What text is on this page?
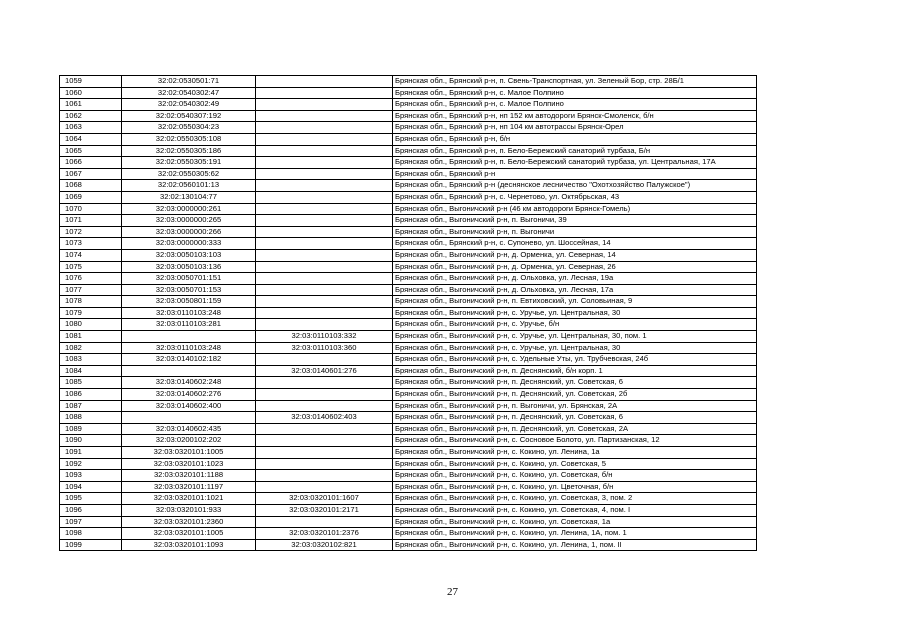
1059	32:02:0530501:71		Брянская обл., Брянский р-н, п. Свень-Транспортная, ул. Зеленый Бор, стр. 28Б/1
1060	32:02:0540302:47		Брянская обл., Брянский р-н, с. Малое Полпино
1061	32:02:0540302:49		Брянская обл., Брянский р-н, с. Малое Полпино
1062	32:02:0540307:192		Брянская обл., Брянский р-н, нп 152 км автодороги Брянск-Смоленск, б/н
1063	32:02:0550304:23		Брянская обл., Брянский р-н, нп 104 км автотрассы Брянск-Орел
1064	32:02:0550305:108		Брянская обл., Брянский р-н, б/н
1065	32:02:0550305:186		Брянская обл., Брянский р-н, п. Бело-Бережский санаторий турбаза, Б/н
1066	32:02:0550305:191		Брянская обл., Брянский р-н, п. Бело-Бережский санаторий турбаза, ул. Центральная, 17А
1067	32:02:0550305:62		Брянская обл., Брянский р-н
1068	32:02:0560101:13		Брянская обл., Брянский р-н (деснянское лесничество "Охотхозяйство Палужское")
1069	32:02:130104:77		Брянская обл., Брянский р-н, с. Чернетово, ул. Октябрьская, 43
1070	32:03:0000000:261		Брянская обл., Выгоничский р-н (46 км автодороги Брянск-Гомель)
1071	32:03:0000000:265		Брянская обл., Выгоничский р-н, п. Выгоничи, 39
1072	32:03:0000000:266		Брянская обл., Выгоничский р-н, п. Выгоничи
1073	32:03:0000000:333		Брянская обл., Брянский р-н, с. Супонево, ул. Шоссейная, 14
1074	32:03:0050103:103		Брянская обл., Выгоничский р-н, д. Орменка, ул. Северная, 14
1075	32:03:0050103:136		Брянская обл., Выгоничский р-н, д. Орменка, ул. Северная, 26
1076	32:03:0050701:151		Брянская обл., Выгоничский р-н, д. Ольховка, ул. Лесная, 19а
1077	32:03:0050701:153		Брянская обл., Выгоничский р-н, д. Ольховка, ул. Лесная, 17а
1078	32:03:0050801:159		Брянская обл., Выгоничский р-н, п. Евтиховский, ул. Соловьиная, 9
1079	32:03:0110103:248		Брянская обл., Выгоничский р-н, с. Уручье, ул. Центральная, 30
1080	32:03:0110103:281		Брянская обл., Выгоничский р-н, с. Уручье, б/н
1081		32:03:0110103:332	Брянская обл., Выгоничский р-н, с. Уручье, ул. Центральная, 30, пом. 1
1082	32:03:0110103:248	32:03:0110103:360	Брянская обл., Выгоничский р-н, с. Уручье, ул. Центральная, 30
1083	32:03:0140102:182		Брянская обл., Выгоничский р-н, с. Удельные Уты, ул. Трубчевская, 24б
1084		32:03:0140601:276	Брянская обл., Выгоничский р-н, п. Деснянский, б/н корп. 1
1085	32:03:0140602:248		Брянская обл., Выгоничский р-н, п. Деснянский, ул. Советская, 6
1086	32:03:0140602:276		Брянская обл., Выгоничский р-н, п. Деснянский, ул. Советская, 2б
1087	32:03:0140602:400		Брянская обл., Выгоничский р-н, п. Выгоничи, ул. Брянская, 2А
1088		32:03:0140602:403	Брянская обл., Выгоничский р-н, п. Деснянский, ул. Советская, 6
1089	32:03:0140602:435		Брянская обл., Выгоничский р-н, п. Деснянский, ул. Советская, 2А
1090	32:03:0200102:202		Брянская обл., Выгоничский р-н, с. Сосновое Болото, ул. Партизанская, 12
1091	32:03:0320101:1005		Брянская обл., Выгоничский р-н, с. Кокино, ул. Ленина, 1а
1092	32:03:0320101:1023		Брянская обл., Выгоничский р-н, с. Кокино, ул. Советская, 5
1093	32:03:0320101:1188		Брянская обл., Выгоничский р-н, с. Кокино, ул. Советская, б/н
1094	32:03:0320101:1197		Брянская обл., Выгоничский р-н, с. Кокино, ул. Цветочная, б/н
1095	32:03:0320101:1021	32:03:0320101:1607	Брянская обл., Выгоничский р-н, с. Кокино, ул. Советская, 3, пом. 2
1096	32:03:0320101:933	32:03:0320101:2171	Брянская обл., Выгоничский р-н, с. Кокино, ул. Советская, 4, пом. I
1097	32:03:0320101:2360		Брянская обл., Выгоничский р-н, с. Кокино, ул. Советская, 1а
1098	32:03:0320101:1005	32:03:0320101:2376	Брянская обл., Выгоничский р-н, с. Кокино, ул. Ленина, 1А, пом. 1
1099	32:03:0320101:1093	32:03:0320102:821	Брянская обл., Выгоничский р-н, с. Кокино, ул. Ленина, 1, пом. II
27
